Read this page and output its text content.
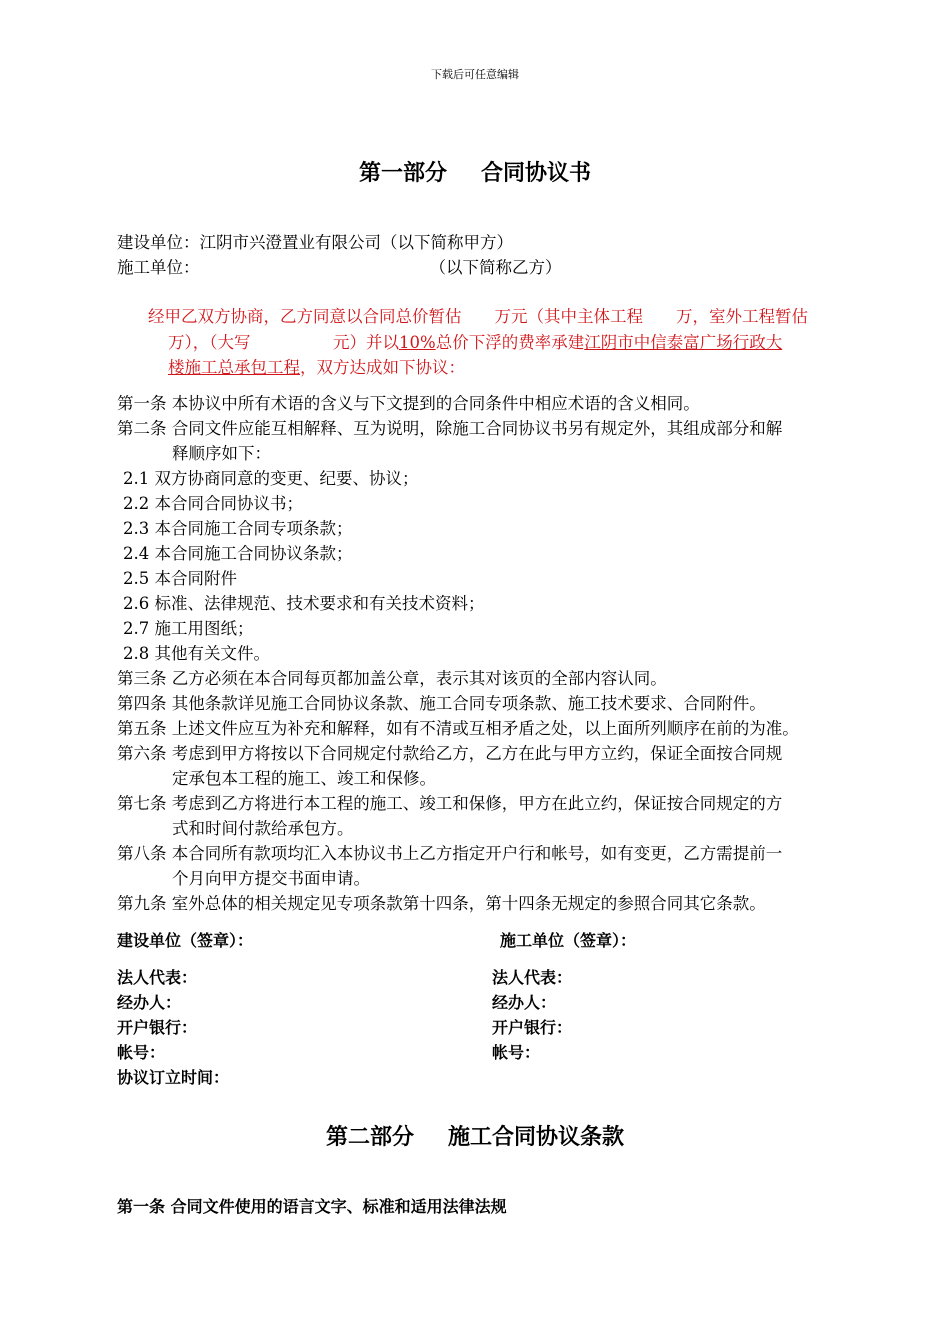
下载后可任意编辑
第一部分 合同协议书
建设单位：江阴市兴澄置业有限公司（以下简称甲方）
施工单位：	（以下简称乙方）
经甲乙双方协商，乙方同意以合同总价暂估　　万元（其中主体工程　　万，室外工程暂估
万），（大写　　　　　元）并以10%总价下浮的费率承建江阴市中信泰富广场行政大
楼施工总承包工程，双方达成如下协议：
第一条 本协议中所有术语的含义与下文提到的合同条件中相应术语的含义相同。
第二条 合同文件应能互相解释、互为说明，除施工合同协议书另有规定外，其组成部分和解
释顺序如下：
2.1 双方协商同意的变更、纪要、协议；
2.2 本合同合同协议书；
2.3 本合同施工合同专项条款；
2.4 本合同施工合同协议条款；
2.5 本合同附件
2.6 标准、法律规范、技术要求和有关技术资料；
2.7 施工用图纸；
2.8 其他有关文件。
第三条 乙方必须在本合同每页都加盖公章，表示其对该页的全部内容认同。
第四条 其他条款详见施工合同协议条款、施工合同专项条款、施工技术要求、合同附件。
第五条 上述文件应互为补充和解释，如有不清或互相矛盾之处，以上面所列顺序在前的为准。
第六条 考虑到甲方将按以下合同规定付款给乙方，乙方在此与甲方立约，保证全面按合同规
定承包本工程的施工、竣工和保修。
第七条 考虑到乙方将进行本工程的施工、竣工和保修，甲方在此立约，保证按合同规定的方
式和时间付款给承包方。
第八条 本合同所有款项均汇入本协议书上乙方指定开户行和帐号，如有变更，乙方需提前一
个月向甲方提交书面申请。
第九条 室外总体的相关规定见专项条款第十四条，第十四条无规定的参照合同其它条款。
建设单位（签章）：	施工单位（签章）：
法人代表：
经办人：
开户银行：
帐号：
协议订立时间：
法人代表：
经办人：
开户银行：
帐号：
第二部分 施工合同协议条款
第一条 合同文件使用的语言文字、标准和适用法律法规
